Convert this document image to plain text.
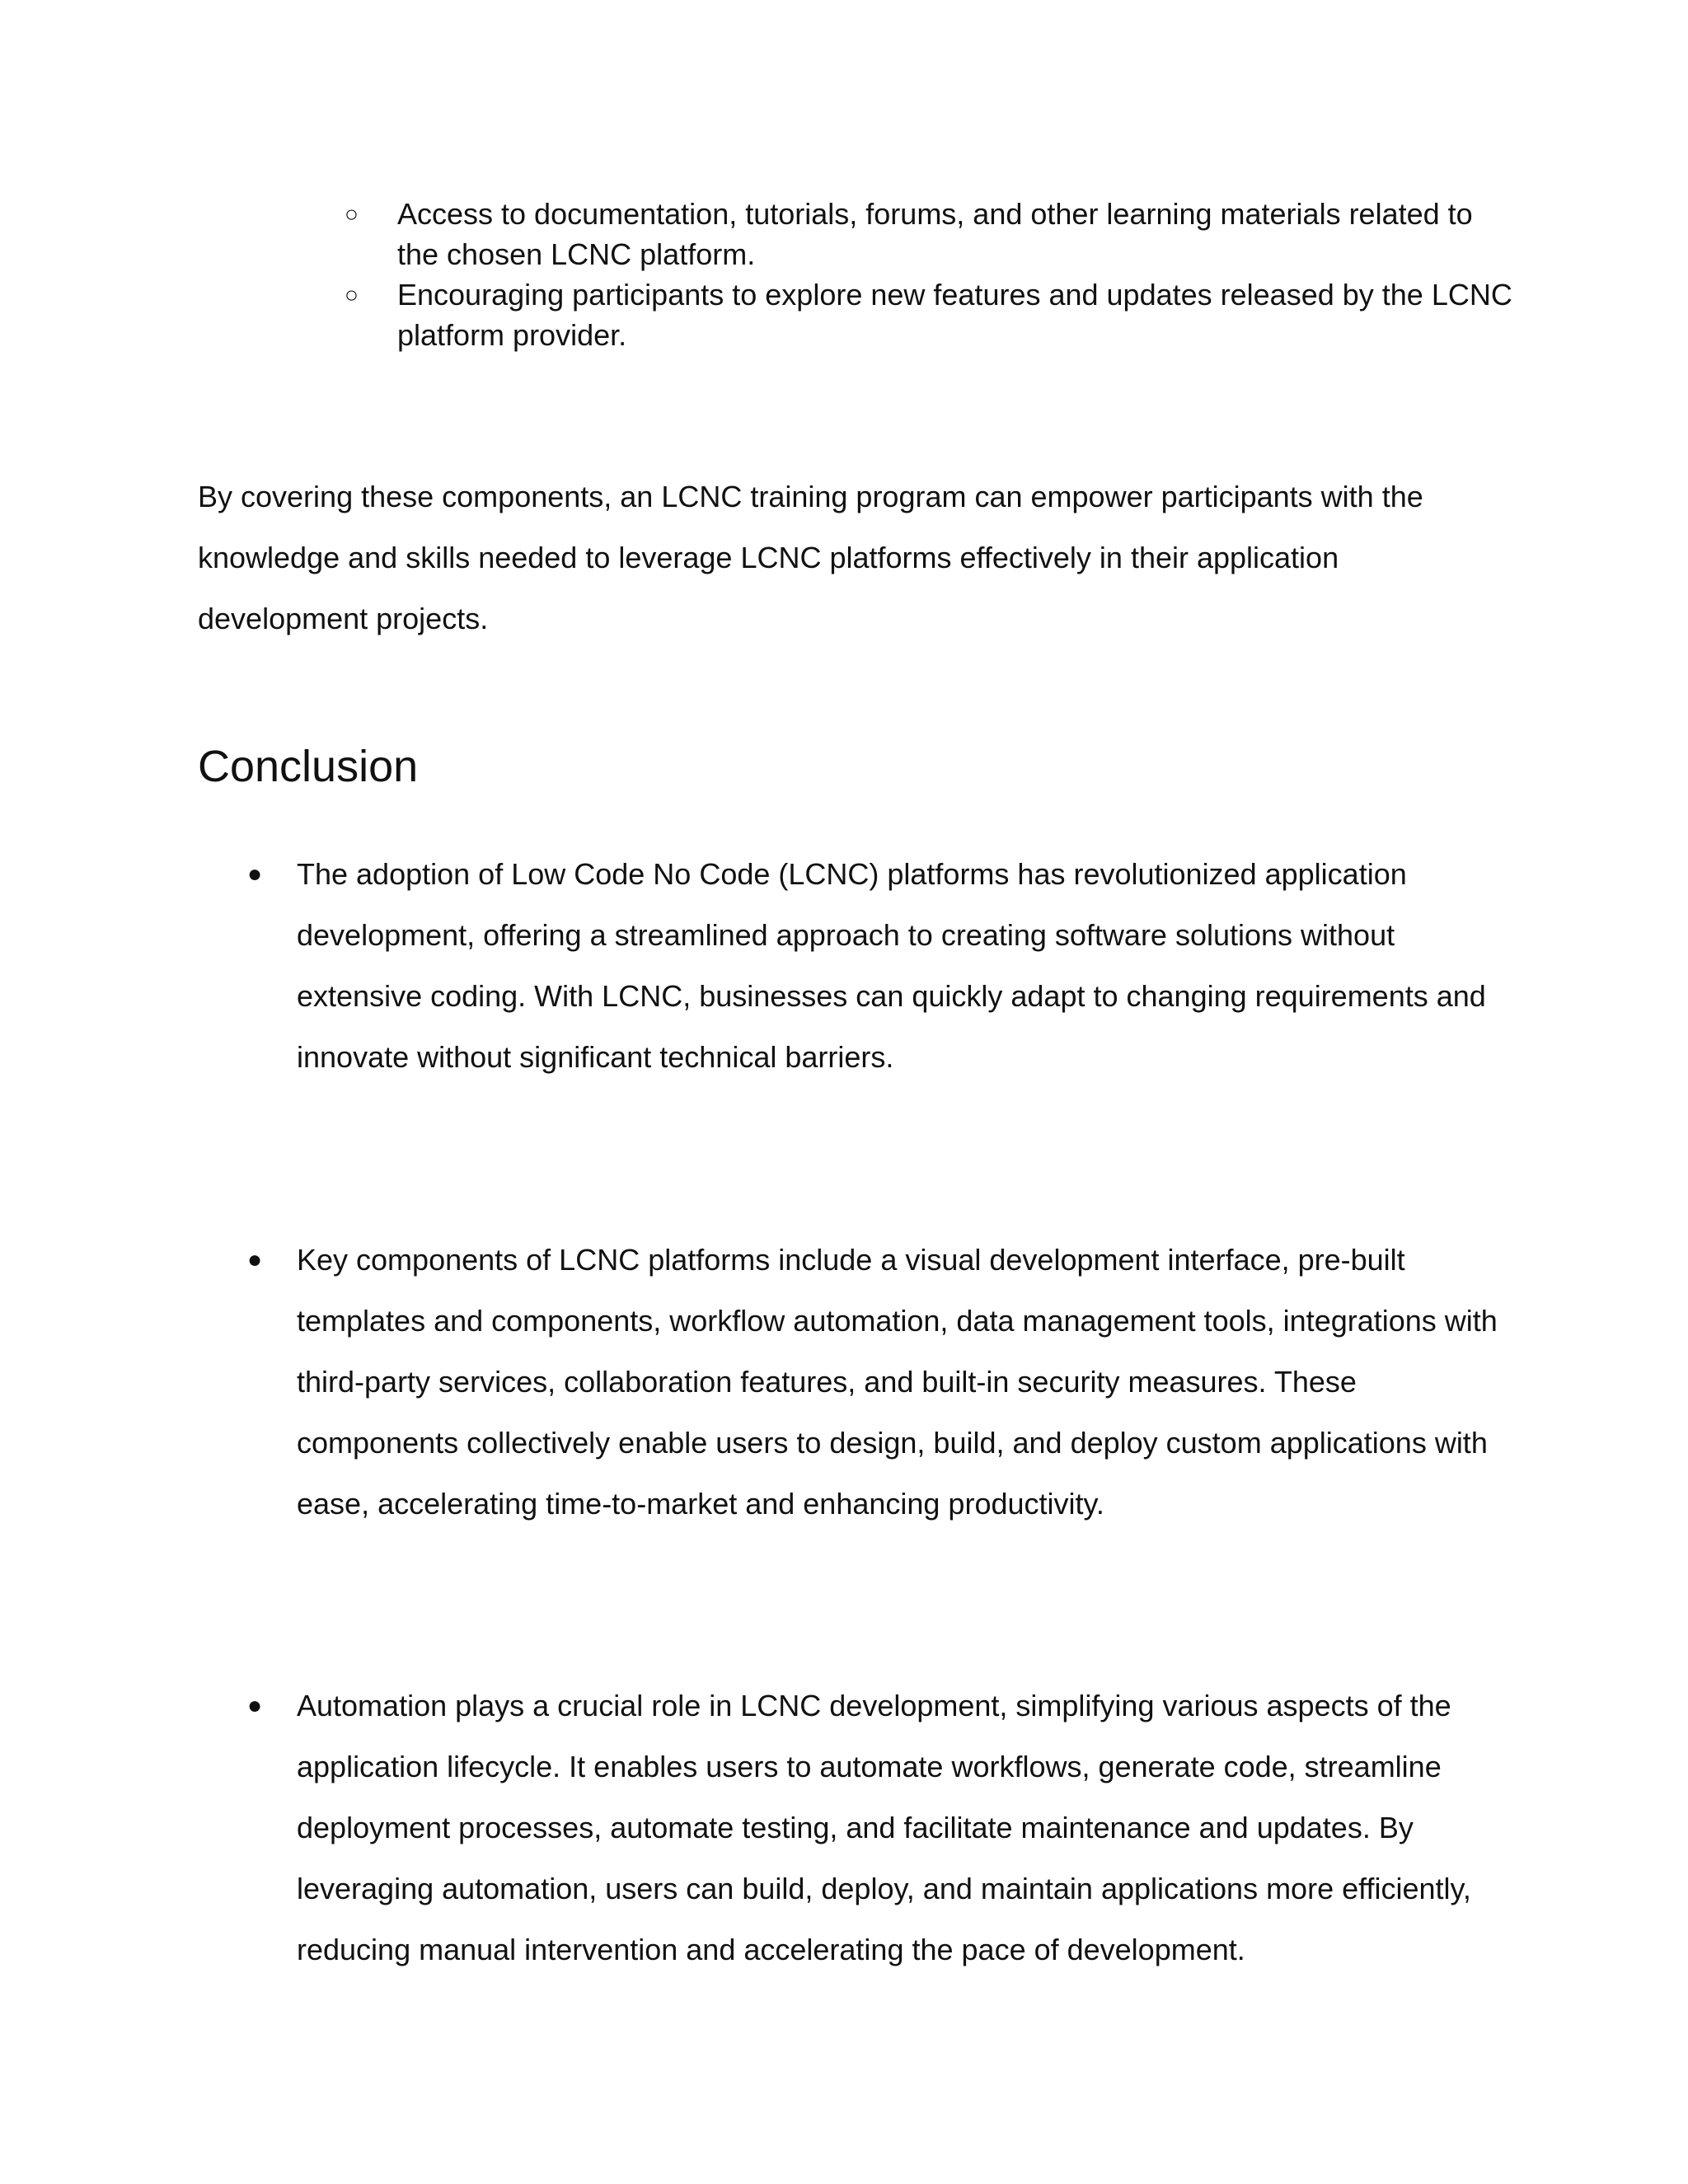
○ Access to documentation, tutorials, forums, and other learning materials related to the chosen LCNC platform.
○ Encouraging participants to explore new features and updates released by the LCNC platform provider.

By covering these components, an LCNC training program can empower participants with the knowledge and skills needed to leverage LCNC platforms effectively in their application development projects.

Conclusion
● The adoption of Low Code No Code (LCNC) platforms has revolutionized application development, offering a streamlined approach to creating software solutions without extensive coding. With LCNC, businesses can quickly adapt to changing requirements and innovate without significant technical barriers.
● Key components of LCNC platforms include a visual development interface, pre-built templates and components, workflow automation, data management tools, integrations with third-party services, collaboration features, and built-in security measures. These components collectively enable users to design, build, and deploy custom applications with ease, accelerating time-to-market and enhancing productivity.
● Automation plays a crucial role in LCNC development, simplifying various aspects of the application lifecycle. It enables users to automate workflows, generate code, streamline deployment processes, automate testing, and facilitate maintenance and updates. By leveraging automation, users can build, deploy, and maintain applications more efficiently, reducing manual intervention and accelerating the pace of development.
